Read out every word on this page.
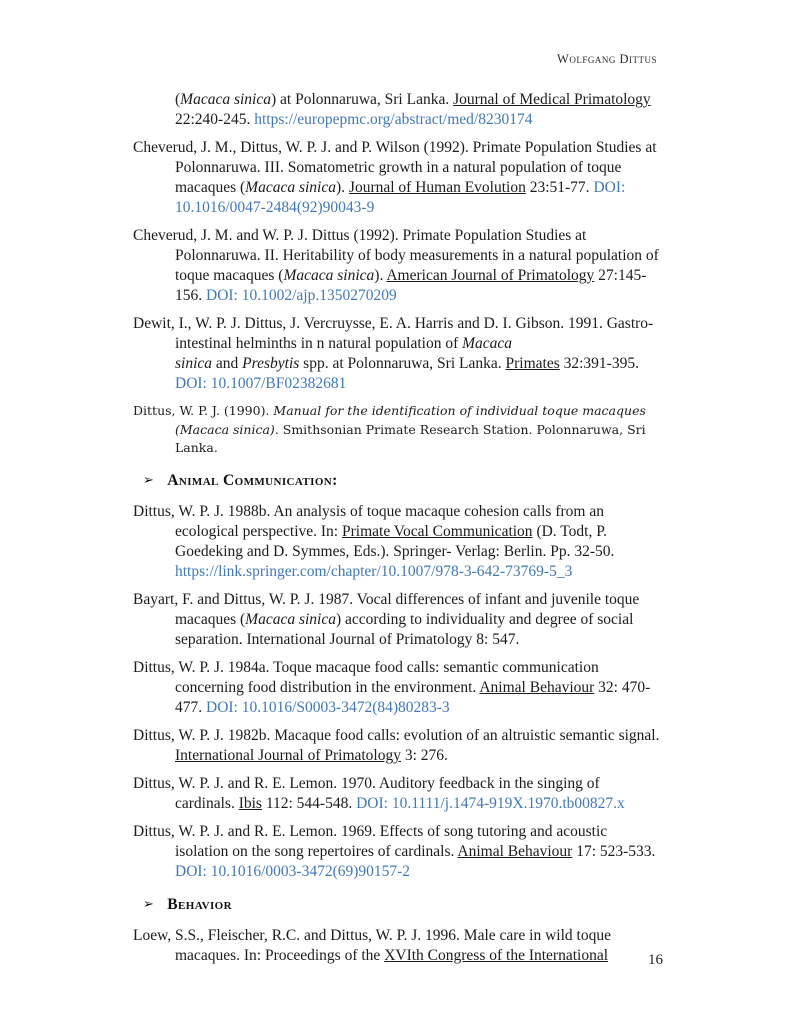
Wolfgang Dittus

(Macaca sinica) at Polonnaruwa, Sri Lanka. Journal of Medical Primatology 22:240-245. https://europepmc.org/abstract/med/8230174

Cheverud, J. M., Dittus, W. P. J. and P. Wilson (1992). Primate Population Studies at Polonnaruwa. III. Somatometric growth in a natural population of toque macaques (Macaca sinica). Journal of Human Evolution 23:51-77. DOI: 10.1016/0047-2484(92)90043-9

Cheverud, J. M. and W. P. J. Dittus (1992). Primate Population Studies at Polonnaruwa. II. Heritability of body measurements in a natural population of toque macaques (Macaca sinica). American Journal of Primatology 27:145-156. DOI: 10.1002/ajp.1350270209

Dewit, I., W. P. J. Dittus, J. Vercruysse, E. A. Harris and D. I. Gibson. 1991. Gastro-intestinal helminths in n natural population of Macaca
sinica and Presbytis spp. at Polonnaruwa, Sri Lanka. Primates 32:391-395. DOI: 10.1007/BF02382681

Dittus, W. P. J. (1990). Manual for the identification of individual toque macaques (Macaca sinica). Smithsonian Primate Research Station. Polonnaruwa, Sri Lanka.

➢ Animal Communication:

Dittus, W. P. J. 1988b. An analysis of toque macaque cohesion calls from an ecological perspective. In: Primate Vocal Communication (D. Todt, P. Goedeking and D. Symmes, Eds.). Springer- Verlag: Berlin. Pp. 32-50. https://link.springer.com/chapter/10.1007/978-3-642-73769-5_3

Bayart, F. and Dittus, W. P. J. 1987. Vocal differences of infant and juvenile toque macaques (Macaca sinica) according to individuality and degree of social separation. International Journal of Primatology 8: 547.

Dittus, W. P. J. 1984a. Toque macaque food calls: semantic communication concerning food distribution in the environment. Animal Behaviour 32: 470-477. DOI: 10.1016/S0003-3472(84)80283-3

Dittus, W. P. J. 1982b. Macaque food calls: evolution of an altruistic semantic signal. International Journal of Primatology 3: 276.

Dittus, W. P. J. and R. E. Lemon. 1970. Auditory feedback in the singing of cardinals. Ibis 112: 544-548. DOI: 10.1111/j.1474-919X.1970.tb00827.x

Dittus, W. P. J. and R. E. Lemon. 1969. Effects of song tutoring and acoustic isolation on the song repertoires of cardinals. Animal Behaviour 17: 523-533. DOI: 10.1016/0003-3472(69)90157-2

➢ Behavior

Loew, S.S., Fleischer, R.C. and Dittus, W. P. J. 1996. Male care in wild toque macaques. In: Proceedings of the XVIth Congress of the International	16
